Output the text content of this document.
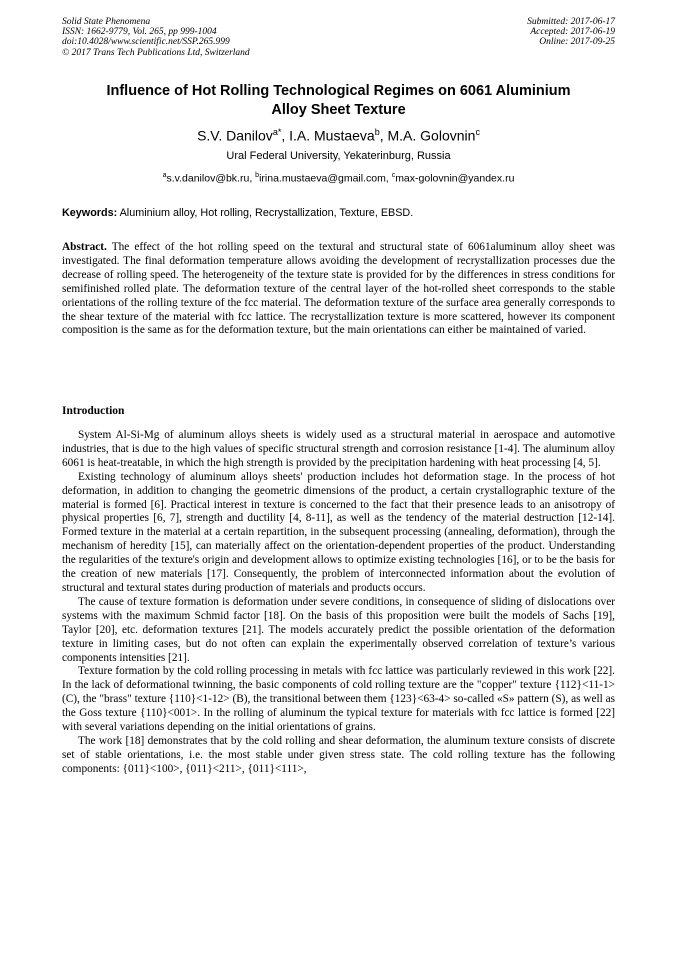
Solid State Phenomena
ISSN: 1662-9779, Vol. 265, pp 999-1004
doi:10.4028/www.scientific.net/SSP.265.999
© 2017 Trans Tech Publications Ltd, Switzerland
Submitted: 2017-06-17
Accepted: 2017-06-19
Online: 2017-09-25
Influence of Hot Rolling Technological Regimes on 6061 Aluminium
Alloy Sheet Texture
S.V. Danilov$^{a*}$, I.A. Mustaeva$^b$, M.A. Golovnin$^c$
Ural Federal University, Yekaterinburg, Russia
$^a$s.v.danilov@bk.ru, $^b$irina.mustaeva@gmail.com, $^c$max-golovnin@yandex.ru
Keywords: Aluminium alloy, Hot rolling, Recrystallization, Texture, EBSD.
Abstract. The effect of the hot rolling speed on the textural and structural state of 6061aluminum alloy sheet was investigated. The final deformation temperature allows avoiding the development of recrystallization processes due the decrease of rolling speed. The heterogeneity of the texture state is provided for by the differences in stress conditions for semifinished rolled plate. The deformation texture of the central layer of the hot-rolled sheet corresponds to the stable orientations of the rolling texture of the fcc material. The deformation texture of the surface area generally corresponds to the shear texture of the material with fcc lattice. The recrystallization texture is more scattered, however its component composition is the same as for the deformation texture, but the main orientations can either be maintained of varied.
Introduction

System Al-Si-Mg of aluminum alloys sheets is widely used as a structural material in aerospace and automotive industries, that is due to the high values of specific structural strength and corrosion resistance [1-4]. The aluminum alloy 6061 is heat-treatable, in which the high strength is provided by the precipitation hardening with heat processing [4, 5].

Existing technology of aluminum alloys sheets' production includes hot deformation stage. In the process of hot deformation, in addition to changing the geometric dimensions of the product, a certain crystallographic texture of the material is formed [6]. Practical interest in texture is concerned to the fact that their presence leads to an anisotropy of physical properties [6, 7], strength and ductility [4, 8-11], as well as the tendency of the material destruction [12-14]. Formed texture in the material at a certain repartition, in the subsequent processing (annealing, deformation), through the mechanism of heredity [15], can materially affect on the orientation-dependent properties of the product. Understanding the regularities of the texture's origin and development allows to optimize existing technologies [16], or to be the basis for the creation of new materials [17]. Consequently, the problem of interconnected information about the evolution of structural and textural states during production of materials and products occurs.

The cause of texture formation is deformation under severe conditions, in consequence of sliding of dislocations over systems with the maximum Schmid factor [18]. On the basis of this proposition were built the models of Sachs [19], Taylor [20], etc. deformation textures [21]. The models accurately predict the possible orientation of the deformation texture in limiting cases, but do not often can explain the experimentally observed correlation of texture’s various components intensities [21].

Texture formation by the cold rolling processing in metals with fcc lattice was particularly reviewed in this work [22]. In the lack of deformational twinning, the basic components of cold rolling texture are the "copper" texture {112}<11-1> (C), the "brass" texture {110}<1-12> (B), the transitional between them {123}<63-4> so-called «S» pattern (S), as well as the Goss texture {110}<001>. In the rolling of aluminum the typical texture for materials with fcc lattice is formed [22] with several variations depending on the initial orientations of grains.

The work [18] demonstrates that by the cold rolling and shear deformation, the aluminum texture consists of discrete set of stable orientations, i.e. the most stable under given stress state. The cold rolling texture has the following components: {011}<100>, {011}<211>, {011}<111>,
